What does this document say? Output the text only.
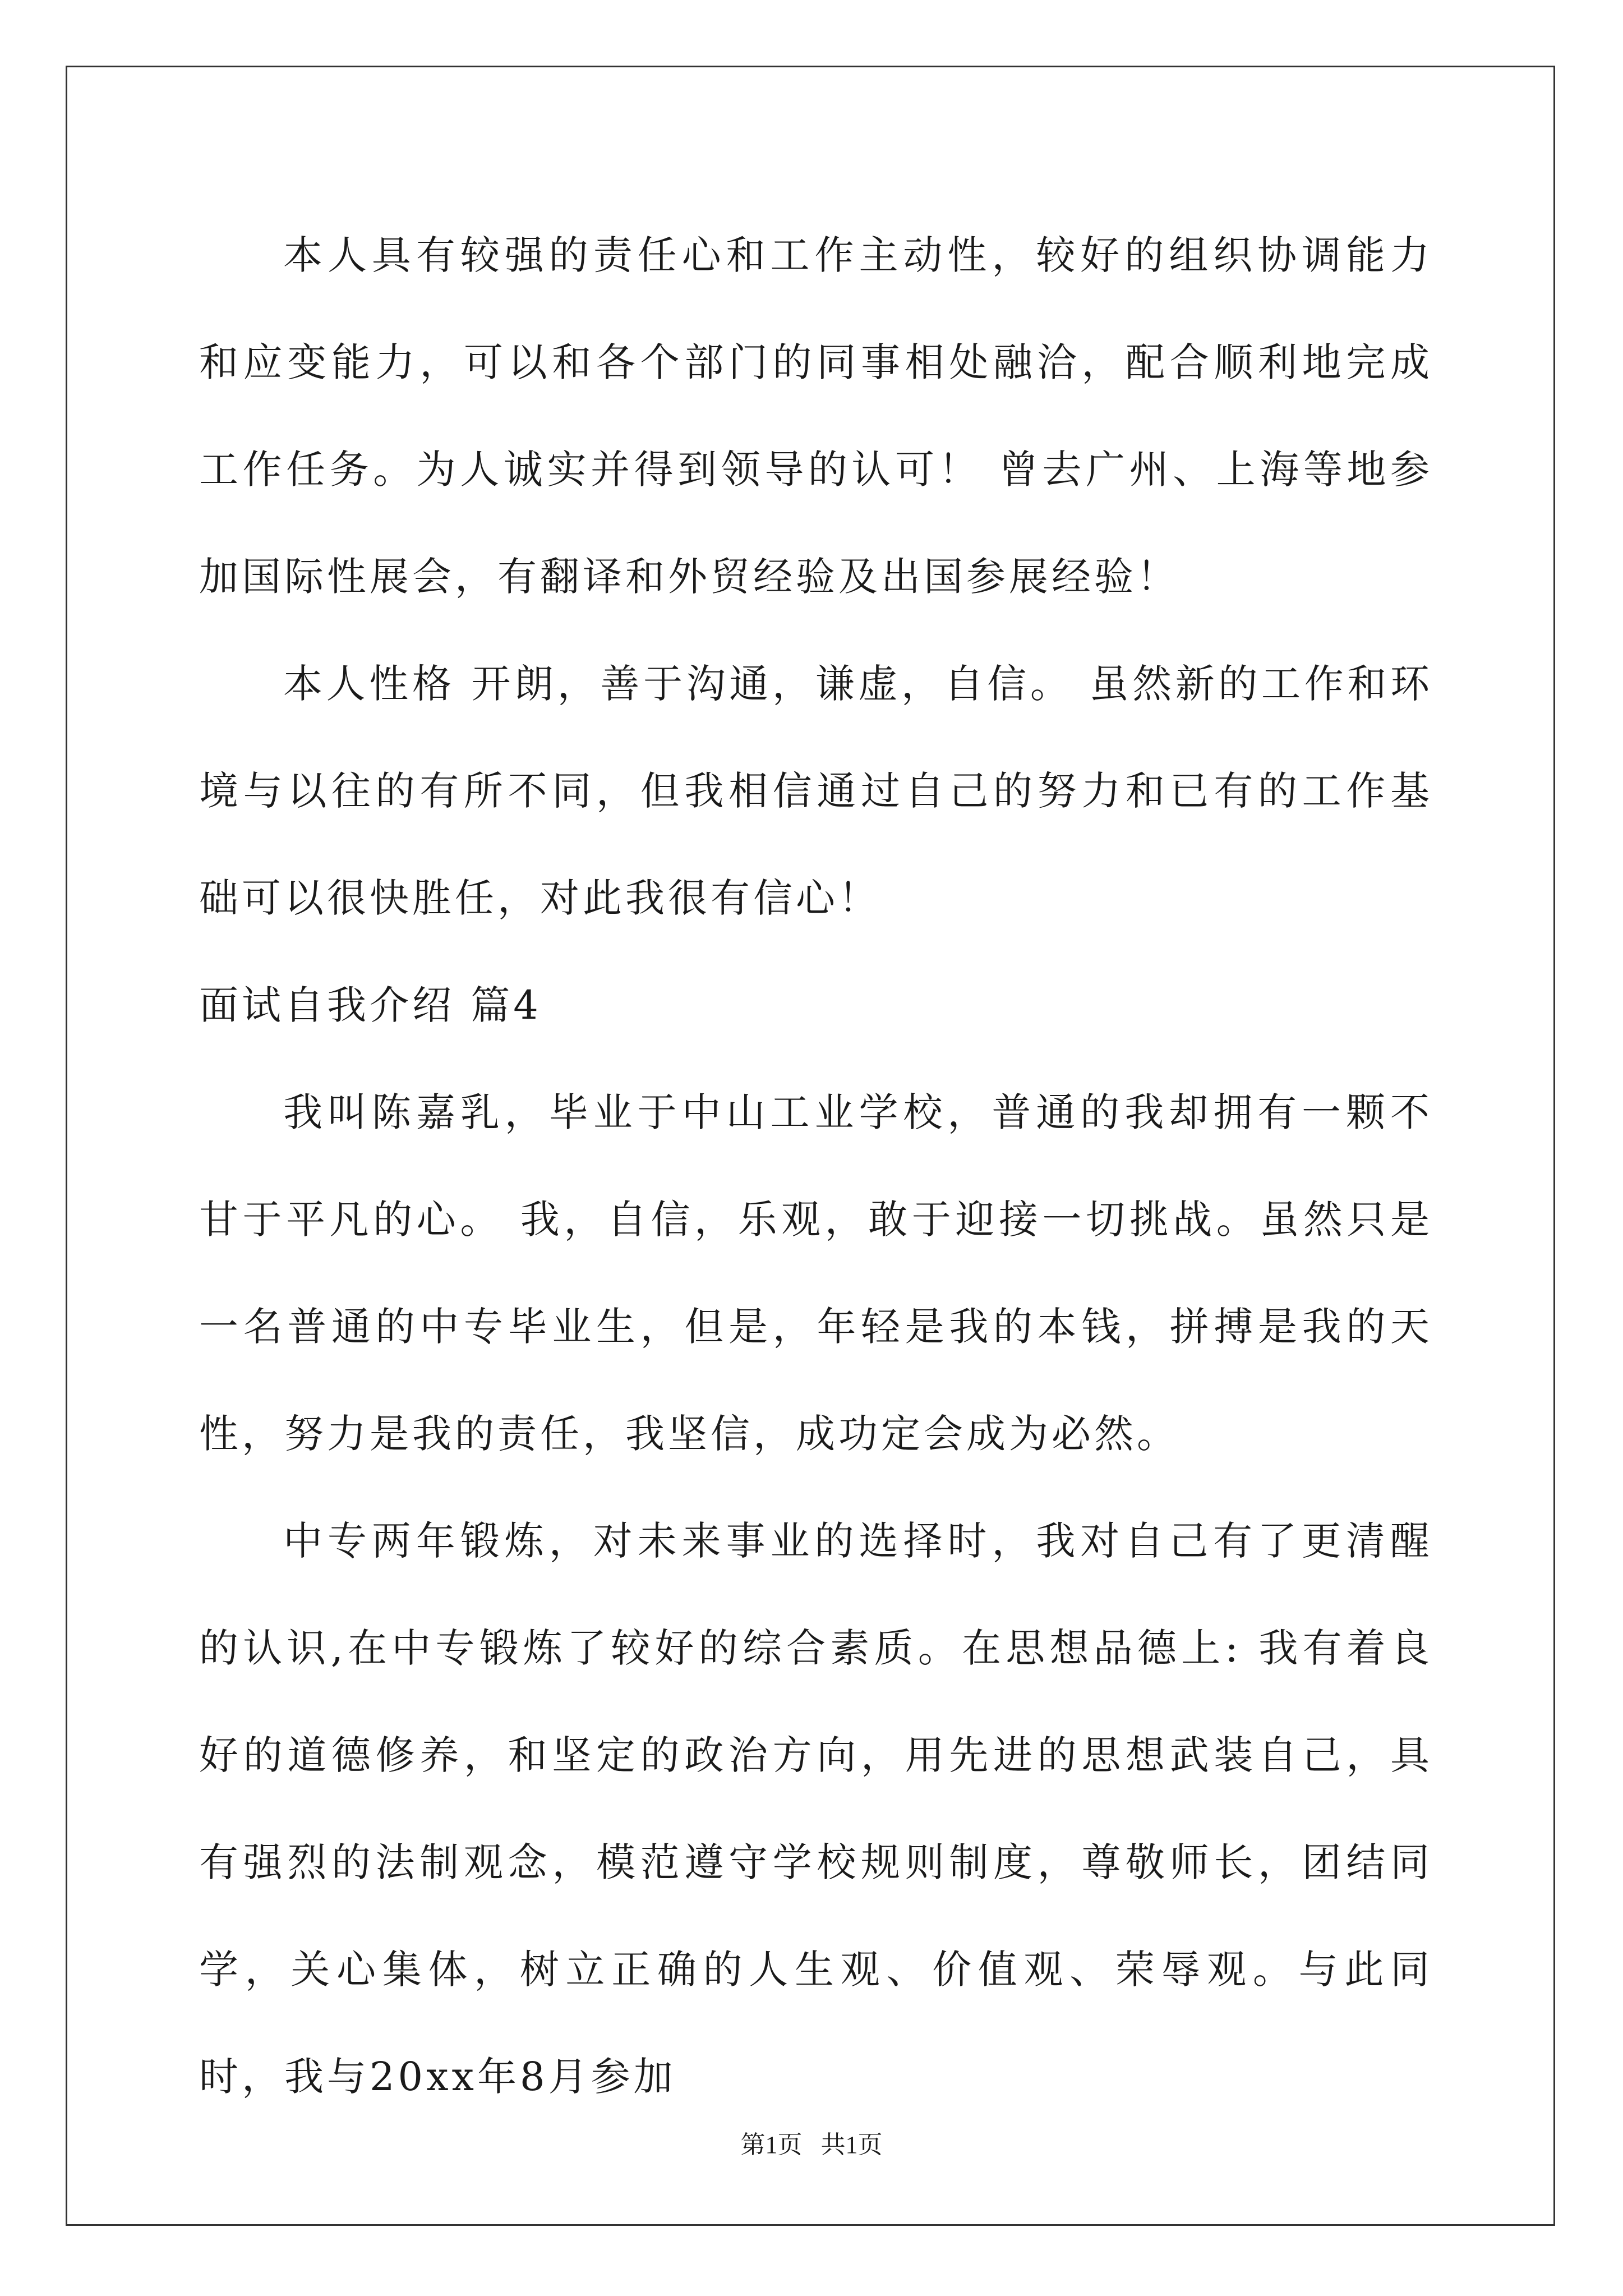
本人具有较强的责任心和工作主动性，较好的组织协调能力和应变能力，可以和各个部门的同事相处融洽，配合顺利地完成工作任务。为人诚实并得到领导的认可！ 曾去广州、上海等地参加国际性展会，有翻译和外贸经验及出国参展经验！

本人性格 开朗，善于沟通，谦虚，自信。 虽然新的工作和环境与以往的有所不同，但我相信通过自己的努力和已有的工作基础可以很快胜任，对此我很有信心！

面试自我介绍 篇4

我叫陈嘉乳，毕业于中山工业学校，普通的我却拥有一颗不甘于平凡的心。 我，自信，乐观，敢于迎接一切挑战。虽然只是一名普通的中专毕业生，但是，年轻是我的本钱，拼搏是我的天性，努力是我的责任，我坚信，成功定会成为必然。

中专两年锻炼，对未来事业的选择时，我对自己有了更清醒的认识,在中专锻炼了较好的综合素质。在思想品德上: 我有着良好的道德修养，和坚定的政治方向，用先进的思想武装自己，具有强烈的法制观念，模范遵守学校规则制度，尊敬师长，团结同学，关心集体，树立正确的人生观、价值观、荣辱观。与此同时，我与20xx年8月参加

第1页   共1页
